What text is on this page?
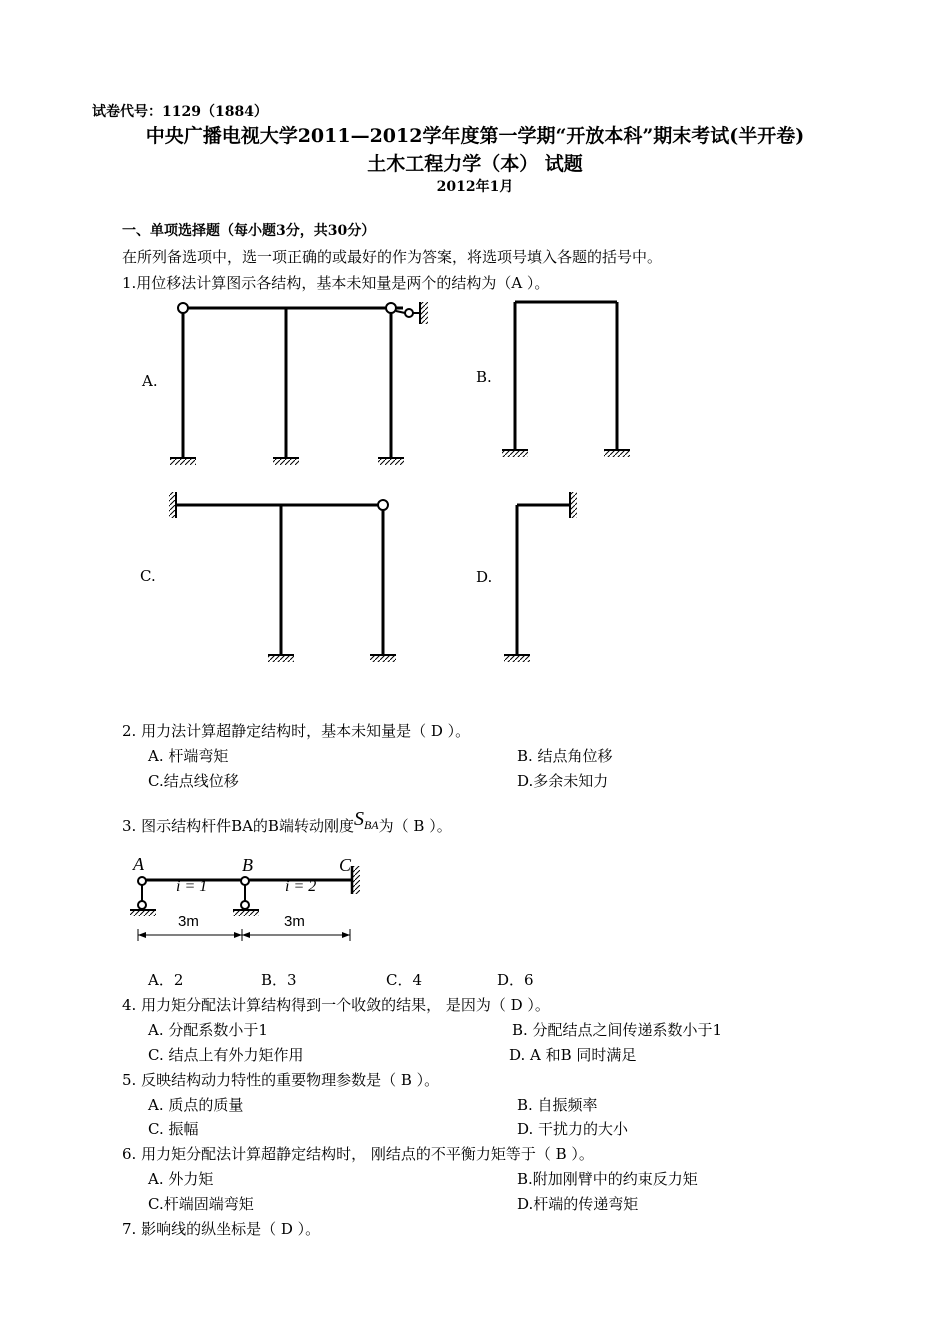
试卷代号：1129（1884）
中央广播电视大学2011—2012学年度第一学期“开放本科”期末考试(半开卷)
土木工程力学（本） 试题
2012年1月
一、单项选择题（每小题3分，共30分）
在所列备选项中，选一项正确的或最好的作为答案，将选项号填入各题的括号中。
1.用位移法计算图示各结构，基本未知量是两个的结构为（A ）。
A.	B.
C.	D.
A	B	C
i = 1	i = 2
3m	3m
2. 用力法计算超静定结构时，基本未知量是（ D ）。
A. 杆端弯矩	B. 结点角位移
C.结点线位移	D.多余未知力
3. 图示结构杆件BA的B端转动刚度SBA为（ B ）。
A．2	B．3	C．4	D．6
4. 用力矩分配法计算结构得到一个收敛的结果， 是因为（ D ）。
A. 分配系数小于1	B. 分配结点之间传递系数小于1
C. 结点上有外力矩作用	D. A 和B 同时满足
5. 反映结构动力特性的重要物理参数是（ B ）。
A. 质点的质量	B. 自振频率
C. 振幅	D. 干扰力的大小
6. 用力矩分配法计算超静定结构时， 刚结点的不平衡力矩等于（ B ）。
A. 外力矩	B.附加刚臂中的约束反力矩
C.杆端固端弯矩	D.杆端的传递弯矩
7. 影响线的纵坐标是（ D ）。
